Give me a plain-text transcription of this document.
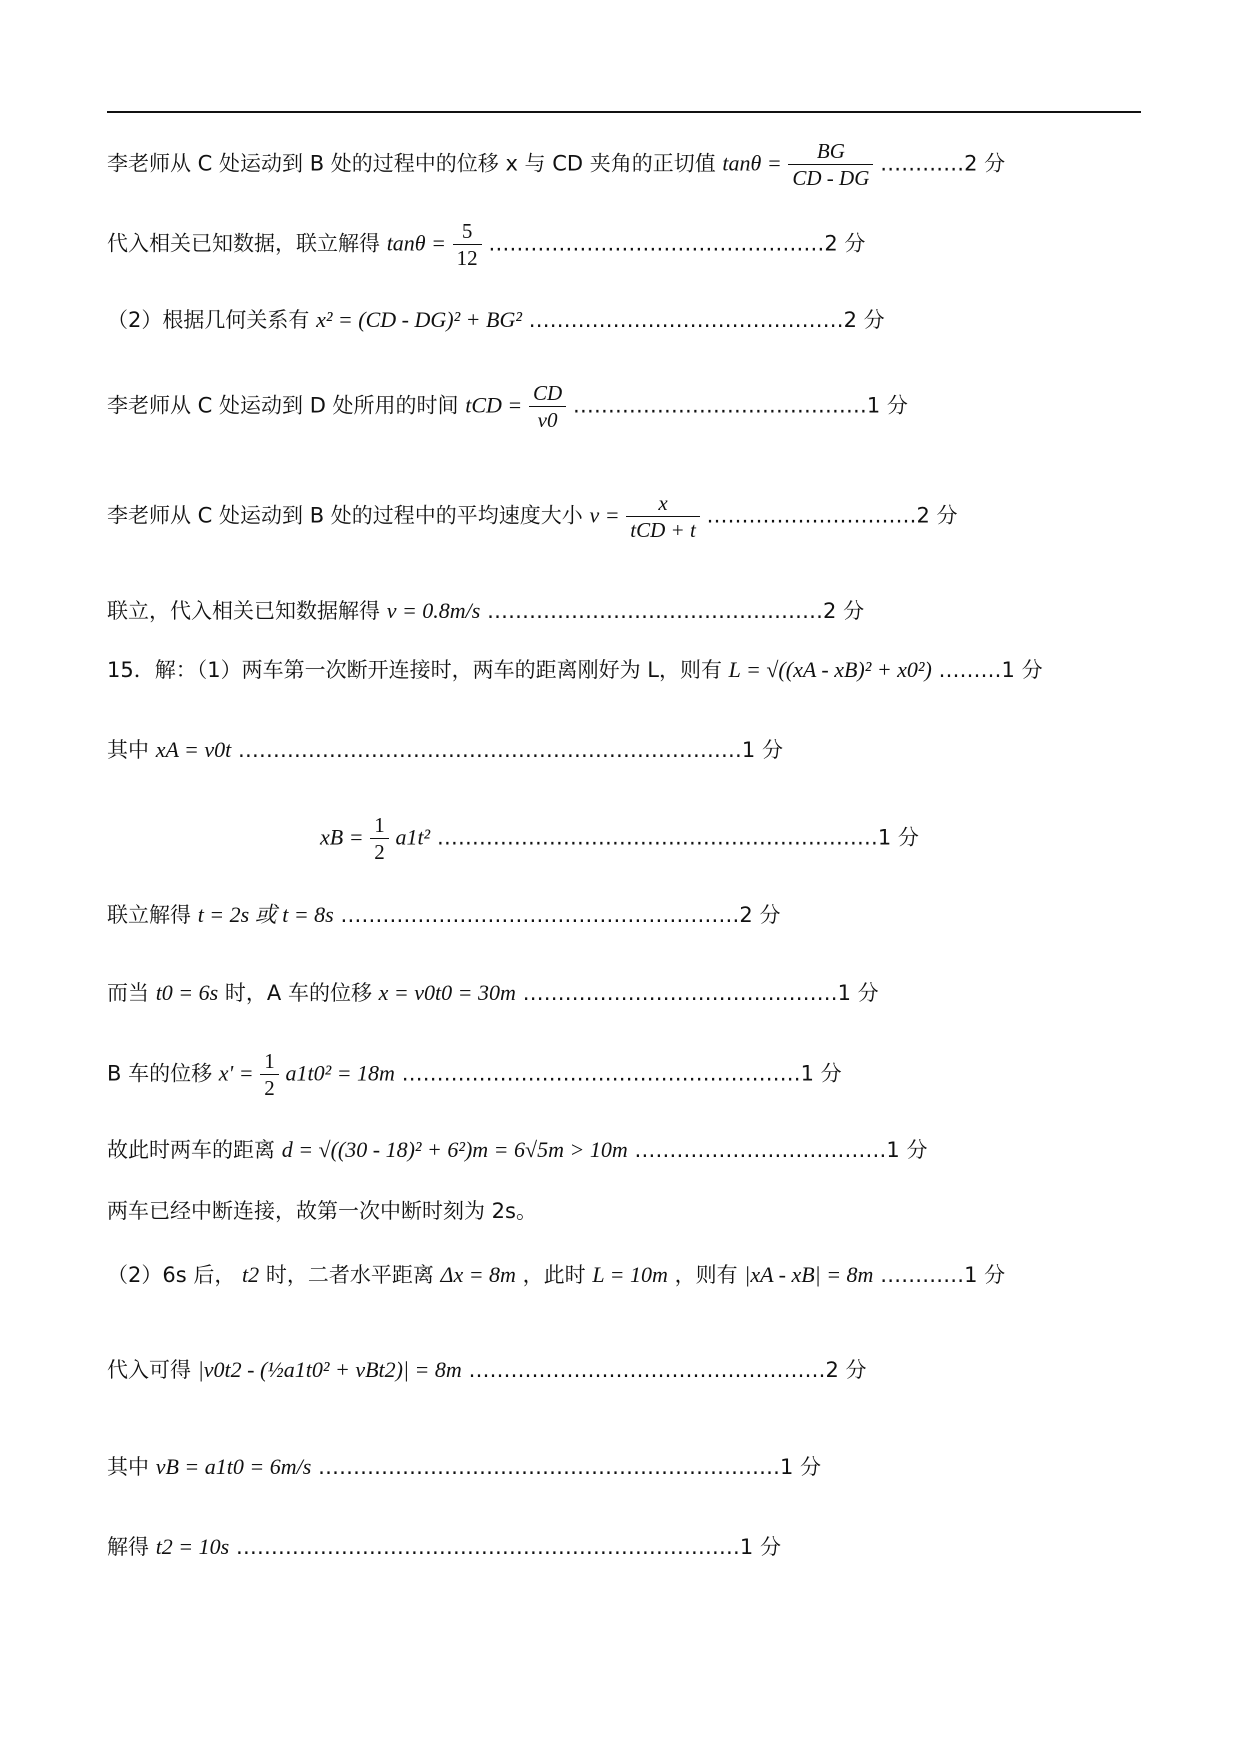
李老师从 C 处运动到 B 处的过程中的位移 x 与 CD 夹角的正切值 $\tan\theta = \frac{BG}{CD - DG}$ …………2 分
代入相关已知数据，联立解得 $\tan\theta = \frac{5}{12}$ …………………………………………2 分
（2）根据几何关系有 x² = (CD - DG)² + BG² ………………………………………2 分
李老师从 C 处运动到 D 处所用的时间 tCD = $\frac{CD}{v0}$ ……………………………………1 分
李老师从 C 处运动到 B 处的过程中的平均速度大小 $v = \frac{x}{\text{tCD + t}}$ …………………………2 分
联立，代入相关已知数据解得 v = 0.8m/s …………………………………………2 分
15．解：（1）两车第一次断开连接时，两车的距离刚好为 L，则有 L = √((xA - xB)² + x0²) ………1 分
其中 xA = v0t ………………………………………………………………1 分
xB = $\frac{1}{2} a1t^2$ ………………………………………………………1 分
联立解得 t = 2s 或 t = 8s …………………………………………………2 分
而当 t0 = 6s 时，A 车的位移 x = v0t0 = 30m ………………………………………1 分
B 车的位移 $x' = \frac{1}{2} a1t0^2 = 18m$ …………………………………………………1 分
故此时两车的距离 d = √((30 - 18)² + 6²)m = 6√5m > 10m ………………………………1 分
两车已经中断连接，故第一次中断时刻为 2s。
（2）6s 后， t2 时，二者水平距离 Δx = 8m ，此时 L = 10m ，则有 |xA - xB| = 8m …………1 分
代入可得 |v0t2 - (½a1t0² + vBt2)| = 8m ……………………………………………2 分
其中 vB = a1t0 = 6m/s …………………………………………………………1 分
解得 t2 = 10s ………………………………………………………………1 分
